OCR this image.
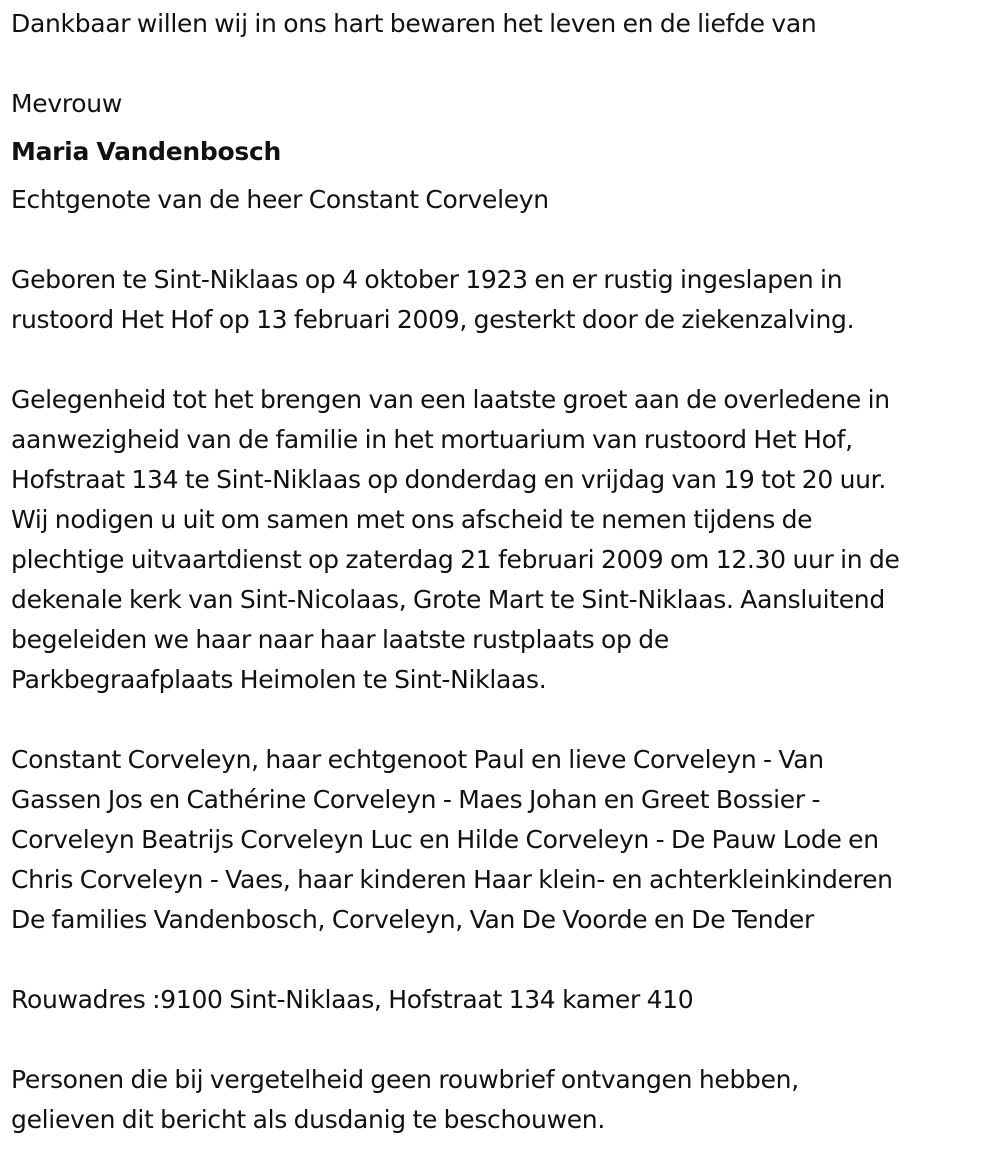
Dankbaar willen wij in ons hart bewaren het leven en de liefde van

Mevrouw

Maria Vandenbosch

Echtgenote van de heer Constant Corveleyn

Geboren te Sint-Niklaas op 4 oktober 1923 en er rustig ingeslapen in

rustoord Het Hof op 13 februari 2009, gesterkt door de ziekenzalving.

Gelegenheid tot het brengen van een laatste groet aan de overledene in

aanwezigheid van de familie in het mortuarium van rustoord Het Hof,

Hofstraat 134 te Sint-Niklaas op donderdag en vrijdag van 19 tot 20 uur.

Wij nodigen u uit om samen met ons afscheid te nemen tijdens de

plechtige uitvaartdienst op zaterdag 21 februari 2009 om 12.30 uur in de

dekenale kerk van Sint-Nicolaas, Grote Mart te Sint-Niklaas. Aansluitend

begeleiden we haar naar haar laatste rustplaats op de

Parkbegraafplaats Heimolen te Sint-Niklaas.

Constant Corveleyn, haar echtgenoot Paul en lieve Corveleyn - Van

Gassen Jos en Cathérine Corveleyn - Maes Johan en Greet Bossier -

Corveleyn Beatrijs Corveleyn Luc en Hilde Corveleyn - De Pauw Lode en

Chris Corveleyn - Vaes, haar kinderen Haar klein- en achterkleinkinderen

De families Vandenbosch, Corveleyn, Van De Voorde en De Tender

Rouwadres :9100 Sint-Niklaas, Hofstraat 134 kamer 410

Personen die bij vergetelheid geen rouwbrief ontvangen hebben,

gelieven dit bericht als dusdanig te beschouwen.
